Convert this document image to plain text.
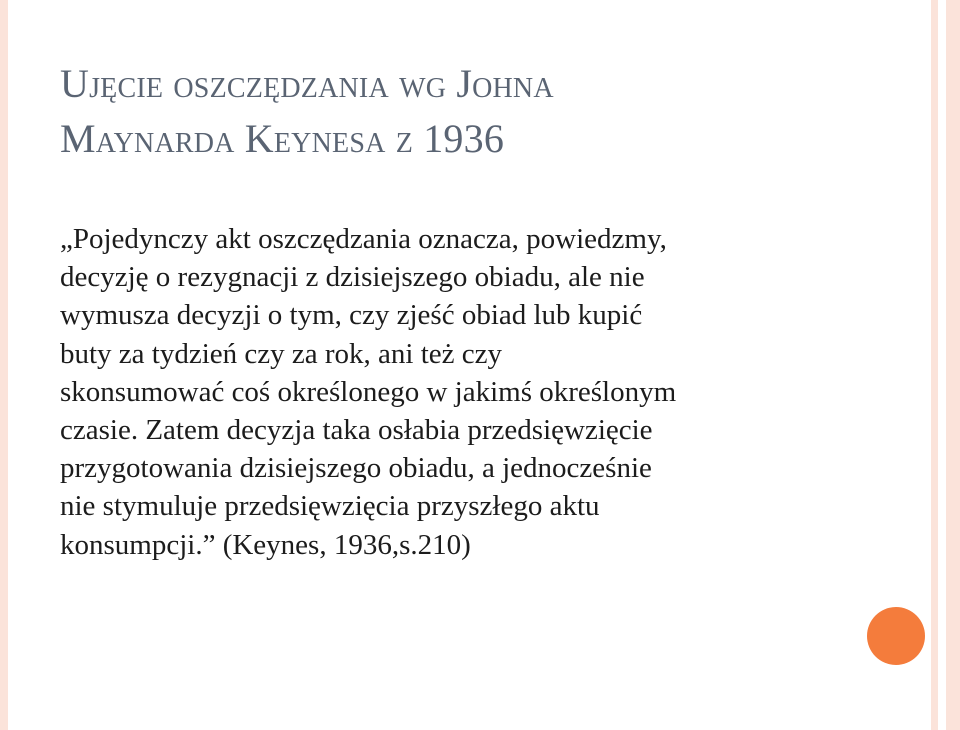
Ujęcie oszczędzania wg Johna
Maynarda Keynesa z 1936

„Pojedynczy akt oszczędzania oznacza, powiedzmy,
decyzję o rezygnacji z dzisiejszego obiadu, ale nie
wymusza decyzji o tym, czy zjeść obiad lub kupić
buty za tydzień czy za rok, ani też czy
skonsumować coś określonego w jakimś określonym
czasie. Zatem decyzja taka osłabia przedsięwzięcie
przygotowania dzisiejszego obiadu, a jednocześnie
nie stymuluje przedsięwzięcia przyszłego aktu
konsumpcji.” (Keynes, 1936,s.210)
